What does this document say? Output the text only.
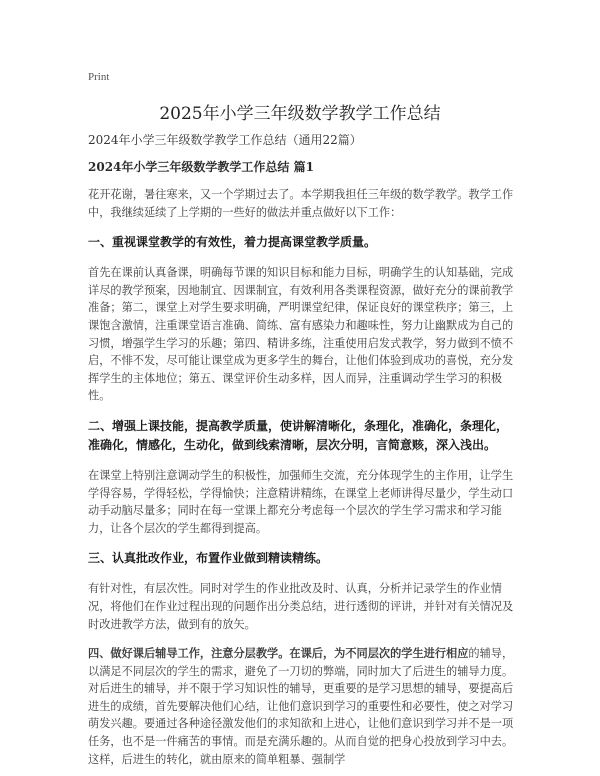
Print
2025年小学三年级数学教学工作总结
2024年小学三年级数学教学工作总结（通用22篇）
2024年小学三年级数学教学工作总结 篇1

花开花谢，暑往寒来，又一个学期过去了。本学期我担任三年级的数学教学。教学工作中，我继续延续了上学期的一些好的做法并重点做好以下工作：

一、重视课堂教学的有效性，着力提高课堂教学质量。

首先在课前认真备课，明确每节课的知识目标和能力目标，明确学生的认知基础，完成详尽的教学预案，因地制宜、因课制宜，有效利用各类课程资源，做好充分的课前教学准备；第二，课堂上对学生要求明确，严明课堂纪律，保证良好的课堂秩序；第三，上课饱含激情，注重课堂语言准确、简练、富有感染力和趣味性，努力让幽默成为自己的习惯，增强学生学习的乐趣；第四、精讲多练，注重使用启发式教学，努力做到不愤不启，不悱不发，尽可能让课堂成为更多学生的舞台，让他们体验到成功的喜悦，充分发挥学生的主体地位；第五、课堂评价生动多样，因人而异，注重调动学生学习的积极性。

二、增强上课技能，提高教学质量，使讲解清晰化，条理化，准确化，条理化，准确化，情感化，生动化，做到线索清晰，层次分明，言简意赅，深入浅出。

在课堂上特别注意调动学生的积极性，加强师生交流，充分体现学生的主作用，让学生学得容易，学得轻松，学得愉快；注意精讲精练，在课堂上老师讲得尽量少，学生动口动手动脑尽量多；同时在每一堂课上都充分考虑每一个层次的学生学习需求和学习能力，让各个层次的学生都得到提高。

三、认真批改作业，布置作业做到精读精练。

有针对性，有层次性。同时对学生的作业批改及时、认真，分析并记录学生的作业情况，将他们在作业过程出现的问题作出分类总结，进行透彻的评讲，并针对有关情况及时改进教学方法，做到有的放矢。

四、做好课后辅导工作，注意分层教学。在课后，为不同层次的学生进行相应的辅导，以满足不同层次的学生的需求，避免了一刀切的弊端，同时加大了后进生的辅导力度。对后进生的辅导，并不限于学习知识性的辅导，更重要的是学习思想的辅导，要提高后进生的成绩，首先要解决他们心结，让他们意识到学习的重要性和必要性，使之对学习萌发兴趣。要通过各种途径激发他们的求知欲和上进心，让他们意识到学习并不是一项任务，也不是一件痛苦的事情。而是充满乐趣的。从而自觉的把身心投放到学习中去。这样，后进生的转化，就由原来的简单粗暴、强制学
